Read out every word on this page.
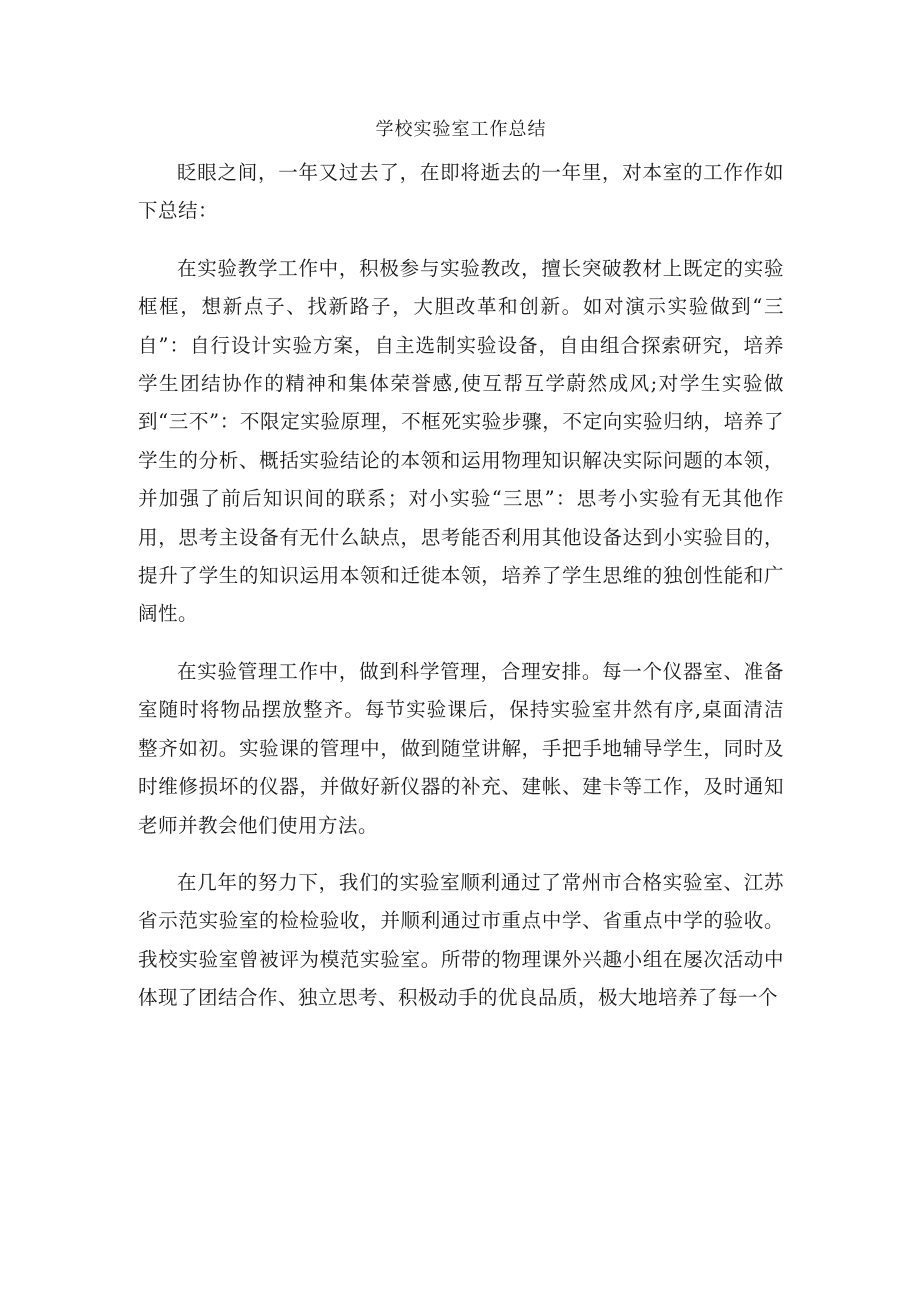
学校实验室工作总结

眨眼之间，一年又过去了，在即将逝去的一年里，对本室的工作作如下总结：

在实验教学工作中，积极参与实验教改，擅长突破教材上既定的实验框框，想新点子、找新路子，大胆改革和创新。如对演示实验做到“三自”：自行设计实验方案，自主选制实验设备，自由组合探索研究，培养学生团结协作的精神和集体荣誉感,使互帮互学蔚然成风;对学生实验做到“三不”：不限定实验原理，不框死实验步骤，不定向实验归纳，培养了学生的分析、概括实验结论的本领和运用物理知识解决实际问题的本领，并加强了前后知识间的联系；对小实验“三思”：思考小实验有无其他作用，思考主设备有无什么缺点，思考能否利用其他设备达到小实验目的，提升了学生的知识运用本领和迁徙本领，培养了学生思维的独创性能和广阔性。

在实验管理工作中，做到科学管理，合理安排。每一个仪器室、准备室随时将物品摆放整齐。每节实验课后，保持实验室井然有序,桌面清洁整齐如初。实验课的管理中，做到随堂讲解，手把手地辅导学生，同时及时维修损坏的仪器，并做好新仪器的补充、建帐、建卡等工作，及时通知老师并教会他们使用方法。

在几年的努力下，我们的实验室顺利通过了常州市合格实验室、江苏省示范实验室的检检验收，并顺利通过市重点中学、省重点中学的验收。我校实验室曾被评为模范实验室。所带的物理课外兴趣小组在屡次活动中体现了团结合作、独立思考、积极动手的优良品质，极大地培养了每一个
